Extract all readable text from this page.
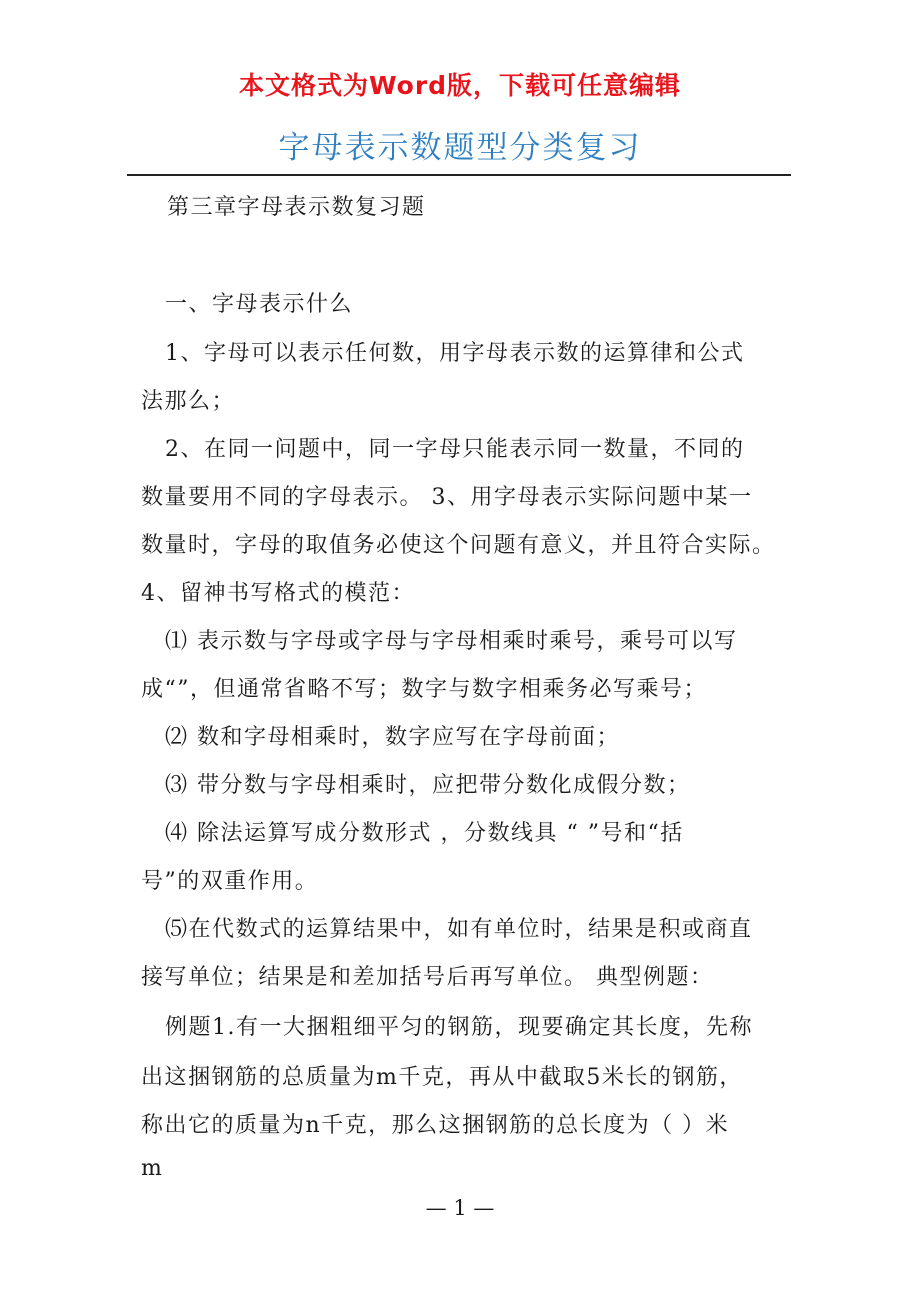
本文格式为Word版，下载可任意编辑
字母表示数题型分类复习
第三章字母表示数复习题
一、字母表示什么
1、字母可以表示任何数，用字母表示数的运算律和公式
法那么；
2、在同一问题中，同一字母只能表示同一数量，不同的
数量要用不同的字母表示。 3、用字母表示实际问题中某一
数量时，字母的取值务必使这个问题有意义，并且符合实际。
4、留神书写格式的模范：
⑴ 表示数与字母或字母与字母相乘时乘号，乘号可以写
成“”，但通常省略不写；数字与数字相乘务必写乘号；
⑵ 数和字母相乘时，数字应写在字母前面；
⑶ 带分数与字母相乘时，应把带分数化成假分数；
⑷ 除法运算写成分数形式 ，分数线具 “ ”号和“括
号”的双重作用。
⑸在代数式的运算结果中，如有单位时，结果是积或商直
接写单位；结果是和差加括号后再写单位。 典型例题：
例题1.有一大捆粗细平匀的钢筋，现要确定其长度，先称
出这捆钢筋的总质量为m千克，再从中截取5米长的钢筋，
称出它的质量为n千克，那么这捆钢筋的总长度为（ ）米
m
— 1 —
